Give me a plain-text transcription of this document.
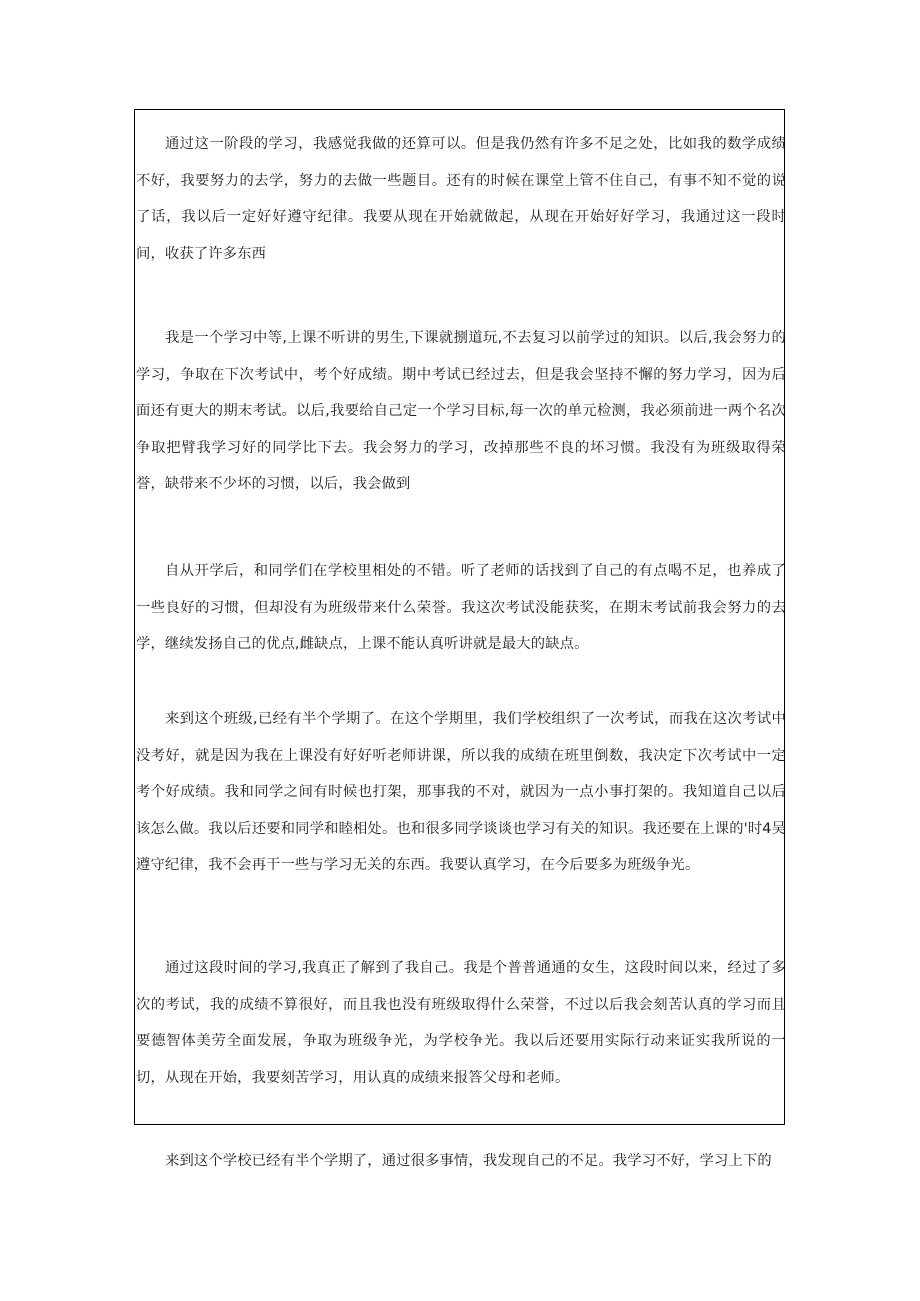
通过这一阶段的学习，我感觉我做的还算可以。但是我仍然有许多不足之处，比如我的数学成绩不好，我要努力的去学，努力的去做一些题目。还有的时候在课堂上管不住自己，有事不知不觉的说了话，我以后一定好好遵守纪律。我要从现在开始就做起，从现在开始好好学习，我通过这一段时间，收获了许多东西

我是一个学习中等,上课不听讲的男生,下课就捌道玩,不去复习以前学过的知识。以后,我会努力的学习，争取在下次考试中，考个好成绩。期中考试已经过去，但是我会坚持不懈的努力学习，因为后面还有更大的期末考试。以后,我要给自己定一个学习目标,每一次的单元检测，我必须前进一两个名次争取把臂我学习好的同学比下去。我会努力的学习，改掉那些不良的坏习惯。我没有为班级取得荣誉，缺带来不少坏的习惯，以后，我会做到

自从开学后，和同学们在学校里相处的不错。听了老师的话找到了自己的有点喝不足，也养成了一些良好的习惯，但却没有为班级带来什么荣誉。我这次考试没能获奖，在期末考试前我会努力的去学，继续发扬自己的优点,雌缺点，上课不能认真听讲就是最大的缺点。

来到这个班级,已经有半个学期了。在这个学期里，我们学校组织了一次考试，而我在这次考试中没考好，就是因为我在上课没有好好听老师讲课，所以我的成绩在班里倒数，我决定下次考试中一定考个好成绩。我和同学之间有时候也打架，那事我的不对，就因为一点小事打架的。我知道自己以后该怎么做。我以后还要和同学和睦相处。也和很多同学谈谈也学习有关的知识。我还要在上课的'时4吴遵守纪律，我不会再干一些与学习无关的东西。我要认真学习，在今后要多为班级争光。

通过这段时间的学习,我真正了解到了我自己。我是个普普通通的女生，这段时间以来，经过了多次的考试，我的成绩不算很好，而且我也没有班级取得什么荣誉，不过以后我会刻苦认真的学习而且要德智体美劳全面发展，争取为班级争光，为学校争光。我以后还要用实际行动来证实我所说的一切，从现在开始，我要刻苦学习，用认真的成绩来报答父母和老师。

来到这个学校已经有半个学期了，通过很多事情，我发现自己的不足。我学习不好，学习上下的
